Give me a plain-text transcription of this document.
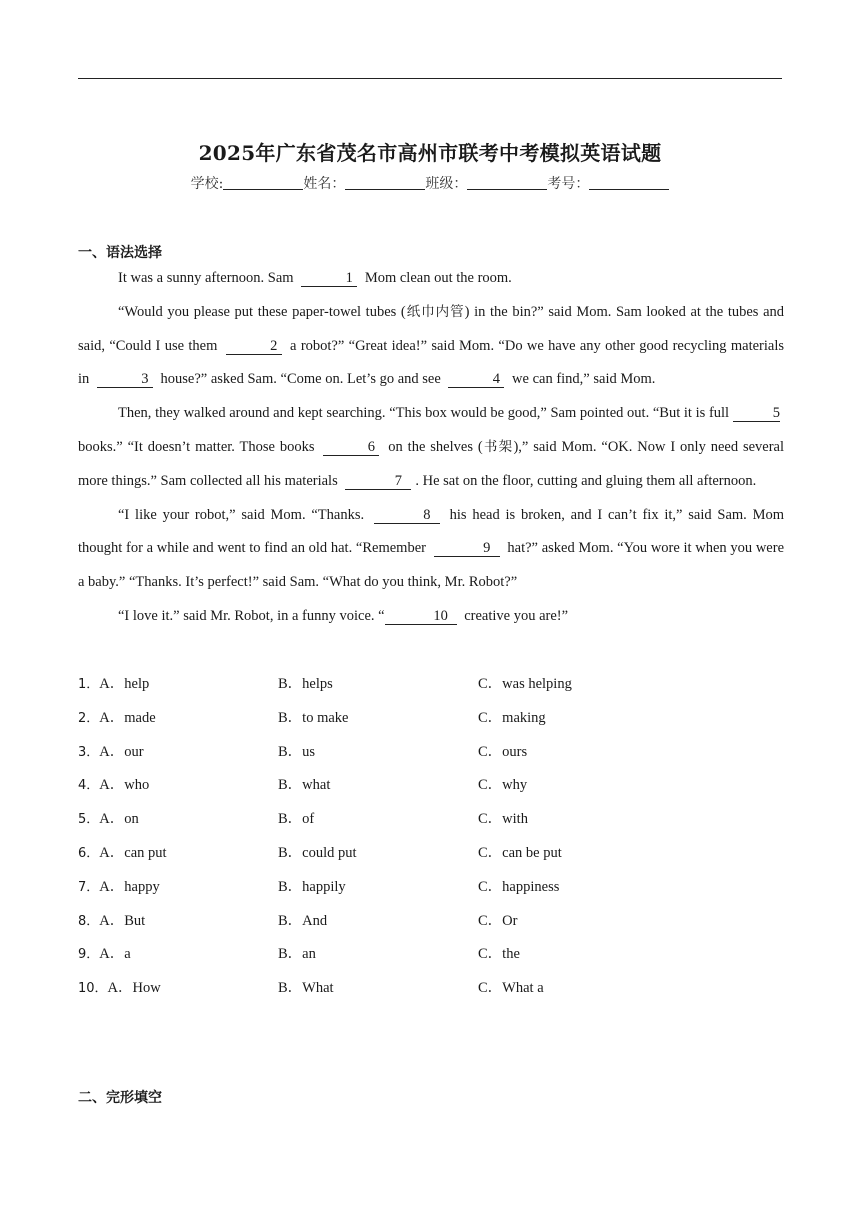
2025年广东省茂名市高州市联考中考模拟英语试题
学校:	姓名：	班级：	考号：
一、语法选择

It was a sunny afternoon. Sam	1 Mom clean out the room.

“Would you please put these paper-towel tubes (纸巾内管) in the bin?” said Mom. Sam looked at the tubes and said, “Could I use them	2 a robot?” “Great idea!” said Mom. “Do we have any other good recycling materials in	3 house?” asked Sam. “Come on. Let’s go and see	4 we can find,” said Mom.

Then, they walked around and kept searching. “This box would be good,” Sam pointed out. “But it is full	5 books.” “It doesn’t matter. Those books	6 on the shelves (书架),” said Mom. “OK. Now I only need several more things.” Sam collected all his materials	7 . He sat on the floor, cutting and gluing them all afternoon.

“I like your robot,” said Mom. “Thanks.	8 his head is broken, and I can’t fix it,” said Sam. Mom thought for a while and went to find an old hat. “Remember	9 hat?” asked Mom. “You wore it when you were a baby.” “Thanks. It’s perfect!” said Sam. “What do you think, Mr. Robot?”

“I love it.” said Mr. Robot, in a funny voice. “	10 creative you are!”

1．A．help	B．helps	C．was helping
2．A．made	B．to make	C．making
3．A．our	B．us	C．ours
4．A．who	B．what	C．why
5．A．on	B．of	C．with
6．A．can put	B．could put	C．can be put
7．A．happy	B．happily	C．happiness
8．A．But	B．And	C．Or
9．A．a	B．an	C．the
10．A．How	B．What	C．What a
二、完形填空
